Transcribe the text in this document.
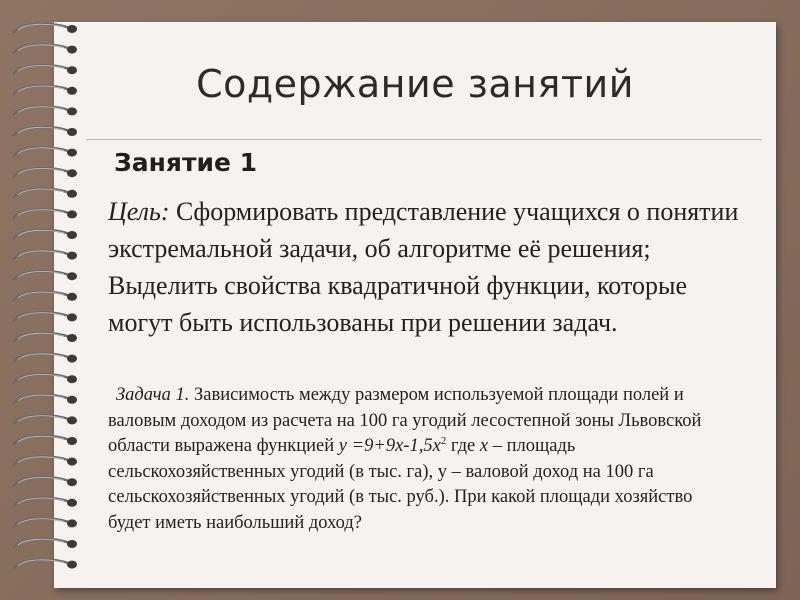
Содержание занятий
Занятие 1
Цель: Сформировать представление учащихся о понятии экстремальной задачи, об алгоритме её решения; Выделить свойства квадратичной функции, которые могут быть использованы при решении задач.
Задача 1. Зависимость между размером используемой площади полей и валовым доходом из расчета на 100 га угодий лесостепной зоны Львовской области выражена функцией $у =9+9х-1,5х^2$ где х – площадь сельскохозяйственных угодий (в тыс. га), у – валовой доход на 100 га сельскохозяйственных угодий (в тыс. руб.). При какой площади хозяйство будет иметь наибольший доход?
